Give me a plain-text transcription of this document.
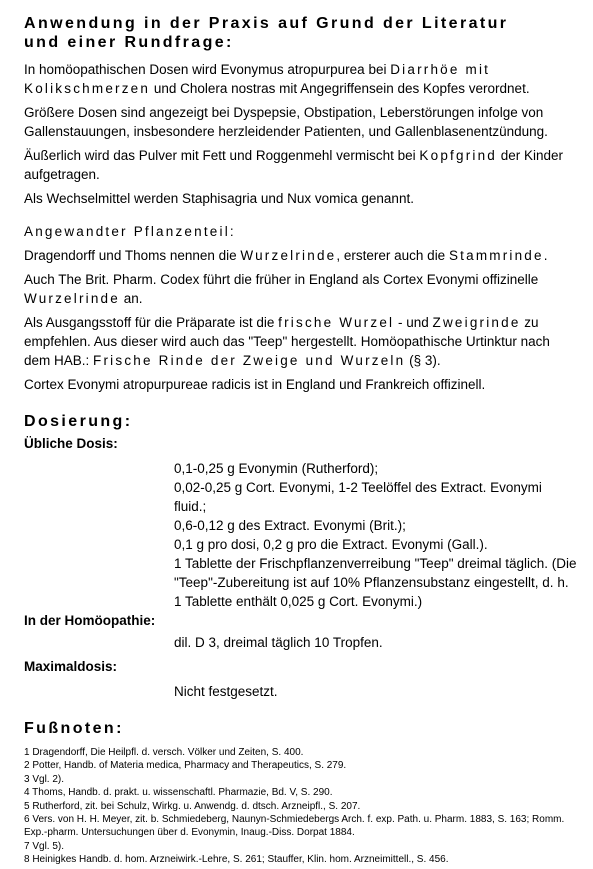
Anwendung in der Praxis auf Grund der Literatur
und einer Rundfrage:

In homöopathischen Dosen wird Evonymus atropurpurea bei Diarrhöe mit Kolikschmerzen und Cholera nostras mit Angegriffensein des Kopfes verordnet.

Größere Dosen sind angezeigt bei Dyspepsie, Obstipation, Leberstörungen infolge von Gallenstauungen, insbesondere herzleidender Patienten, und Gallenblasenentzündung.

Äußerlich wird das Pulver mit Fett und Roggenmehl vermischt bei Kopfgrind der Kinder aufgetragen.

Als Wechselmittel werden Staphisagria und Nux vomica genannt.

Angewandter Pflanzenteil:

Dragendorff und Thoms nennen die Wurzelrinde, ersterer auch die Stammrinde.

Auch The Brit. Pharm. Codex führt die früher in England als Cortex Evonymi offizinelle Wurzelrinde an.

Als Ausgangsstoff für die Präparate ist die frische Wurzel - und Zweigrinde zu empfehlen. Aus dieser wird auch das "Teep" hergestellt. Homöopathische Urtinktur nach dem HAB.: Frische Rinde der Zweige und Wurzeln (§ 3).

Cortex Evonymi atropurpureae radicis ist in England und Frankreich offizinell.

Dosierung:
Übliche Dosis:
0,1-0,25 g Evonymin (Rutherford);
0,02-0,25 g Cort. Evonymi, 1-2 Teelöffel des Extract. Evonymi fluid.;
0,6-0,12 g des Extract. Evonymi (Brit.);
0,1 g pro dosi, 0,2 g pro die Extract. Evonymi (Gall.).
1 Tablette der Frischpflanzenverreibung "Teep" dreimal täglich. (Die "Teep"-Zubereitung ist auf 10% Pflanzensubstanz eingestellt, d. h. 1 Tablette enthält 0,025 g Cort. Evonymi.)
In der Homöopathie:
dil. D 3, dreimal täglich 10 Tropfen.
Maximaldosis:
Nicht festgesetzt.
Fußnoten:

1 Dragendorff, Die Heilpfl. d. versch. Völker und Zeiten, S. 400.

2 Potter, Handb. of Materia medica, Pharmacy and Therapeutics, S. 279.

3 Vgl. 2).

4 Thoms, Handb. d. prakt. u. wissenschaftl. Pharmazie, Bd. V, S. 290.

5 Rutherford, zit. bei Schulz, Wirkg. u. Anwendg. d. dtsch. Arzneipfl., S. 207.

6 Vers. von H. H. Meyer, zit. b. Schmiedeberg, Naunyn-Schmiedebergs Arch. f. exp. Path. u. Pharm. 1883, S. 163; Romm. Exp.-pharm. Untersuchungen über d. Evonymin, Inaug.-Diss. Dorpat 1884.

7 Vgl. 5).

8 Heinigkes Handb. d. hom. Arzneiwirk.-Lehre, S. 261; Stauffer, Klin. hom. Arzneimittell., S. 456.
